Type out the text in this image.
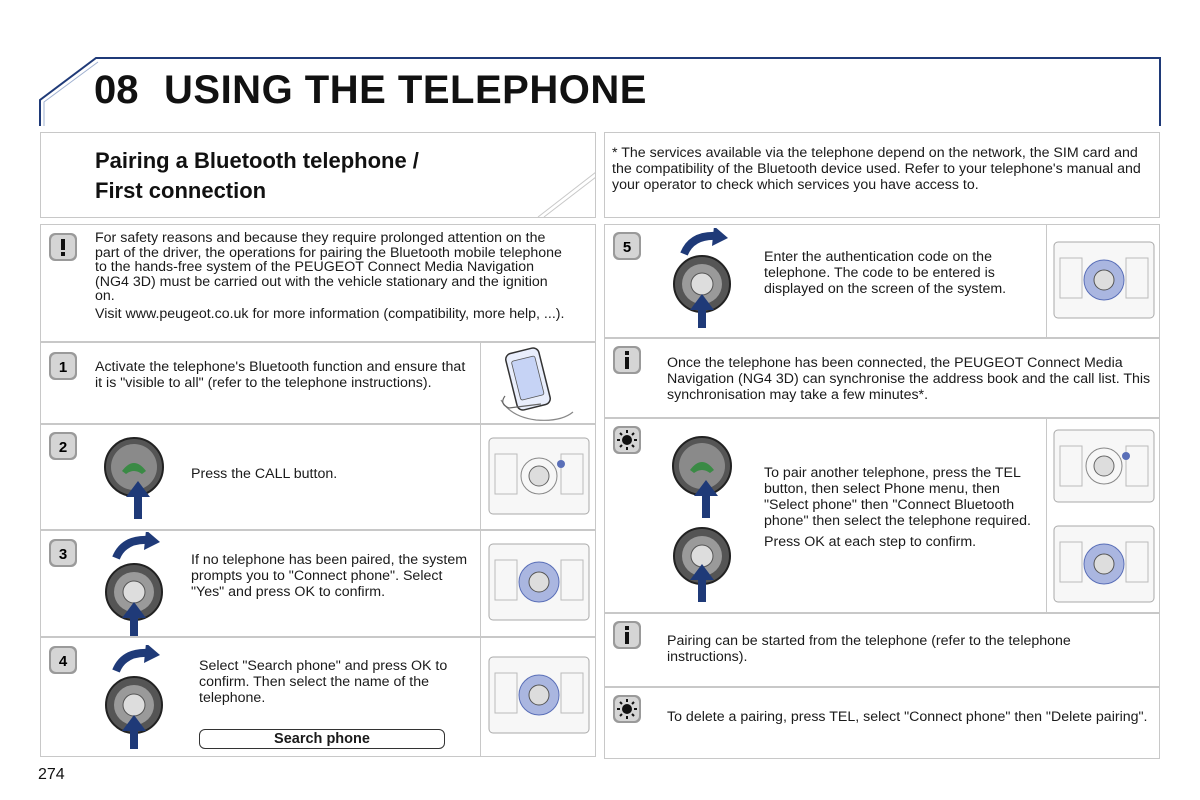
08 USING THE TELEPHONE
Pairing a Bluetooth telephone /
First connection
* The services available via the telephone depend on the network, the SIM card and the compatibility of the Bluetooth device used. Refer to your telephone's manual and your operator to check which services you have access to.

For safety reasons and because they require prolonged attention on the part of the driver, the operations for pairing the Bluetooth mobile telephone to the hands-free system of the PEUGEOT Connect Media Navigation (NG4 3D) must be carried out with the vehicle stationary and the ignition on.

Visit www.peugeot.co.uk for more information (compatibility, more help, ...).

1 Activate the telephone's Bluetooth function and ensure that it is "visible to all" (refer to the telephone instructions).
2
Press the CALL button.
3	If no telephone has been paired, the system prompts you to "Connect phone". Select "Yes" and press OK to confirm.
4	Select "Search phone" and press OK to confirm. Then select the name of the telephone.
Search phone
5
Enter the authentication code on the telephone. The code to be entered is displayed on the screen of the system.
Once the telephone has been connected, the PEUGEOT Connect Media Navigation (NG4 3D) can synchronise the address book and the call list. This synchronisation may take a few minutes*.

To pair another telephone, press the TEL button, then select Phone menu, then "Select phone" then "Connect Bluetooth phone" then select the telephone required.

Press OK at each step to confirm.

Pairing can be started from the telephone (refer to the telephone instructions).
To delete a pairing, press TEL, select "Connect phone" then "Delete pairing".
274
